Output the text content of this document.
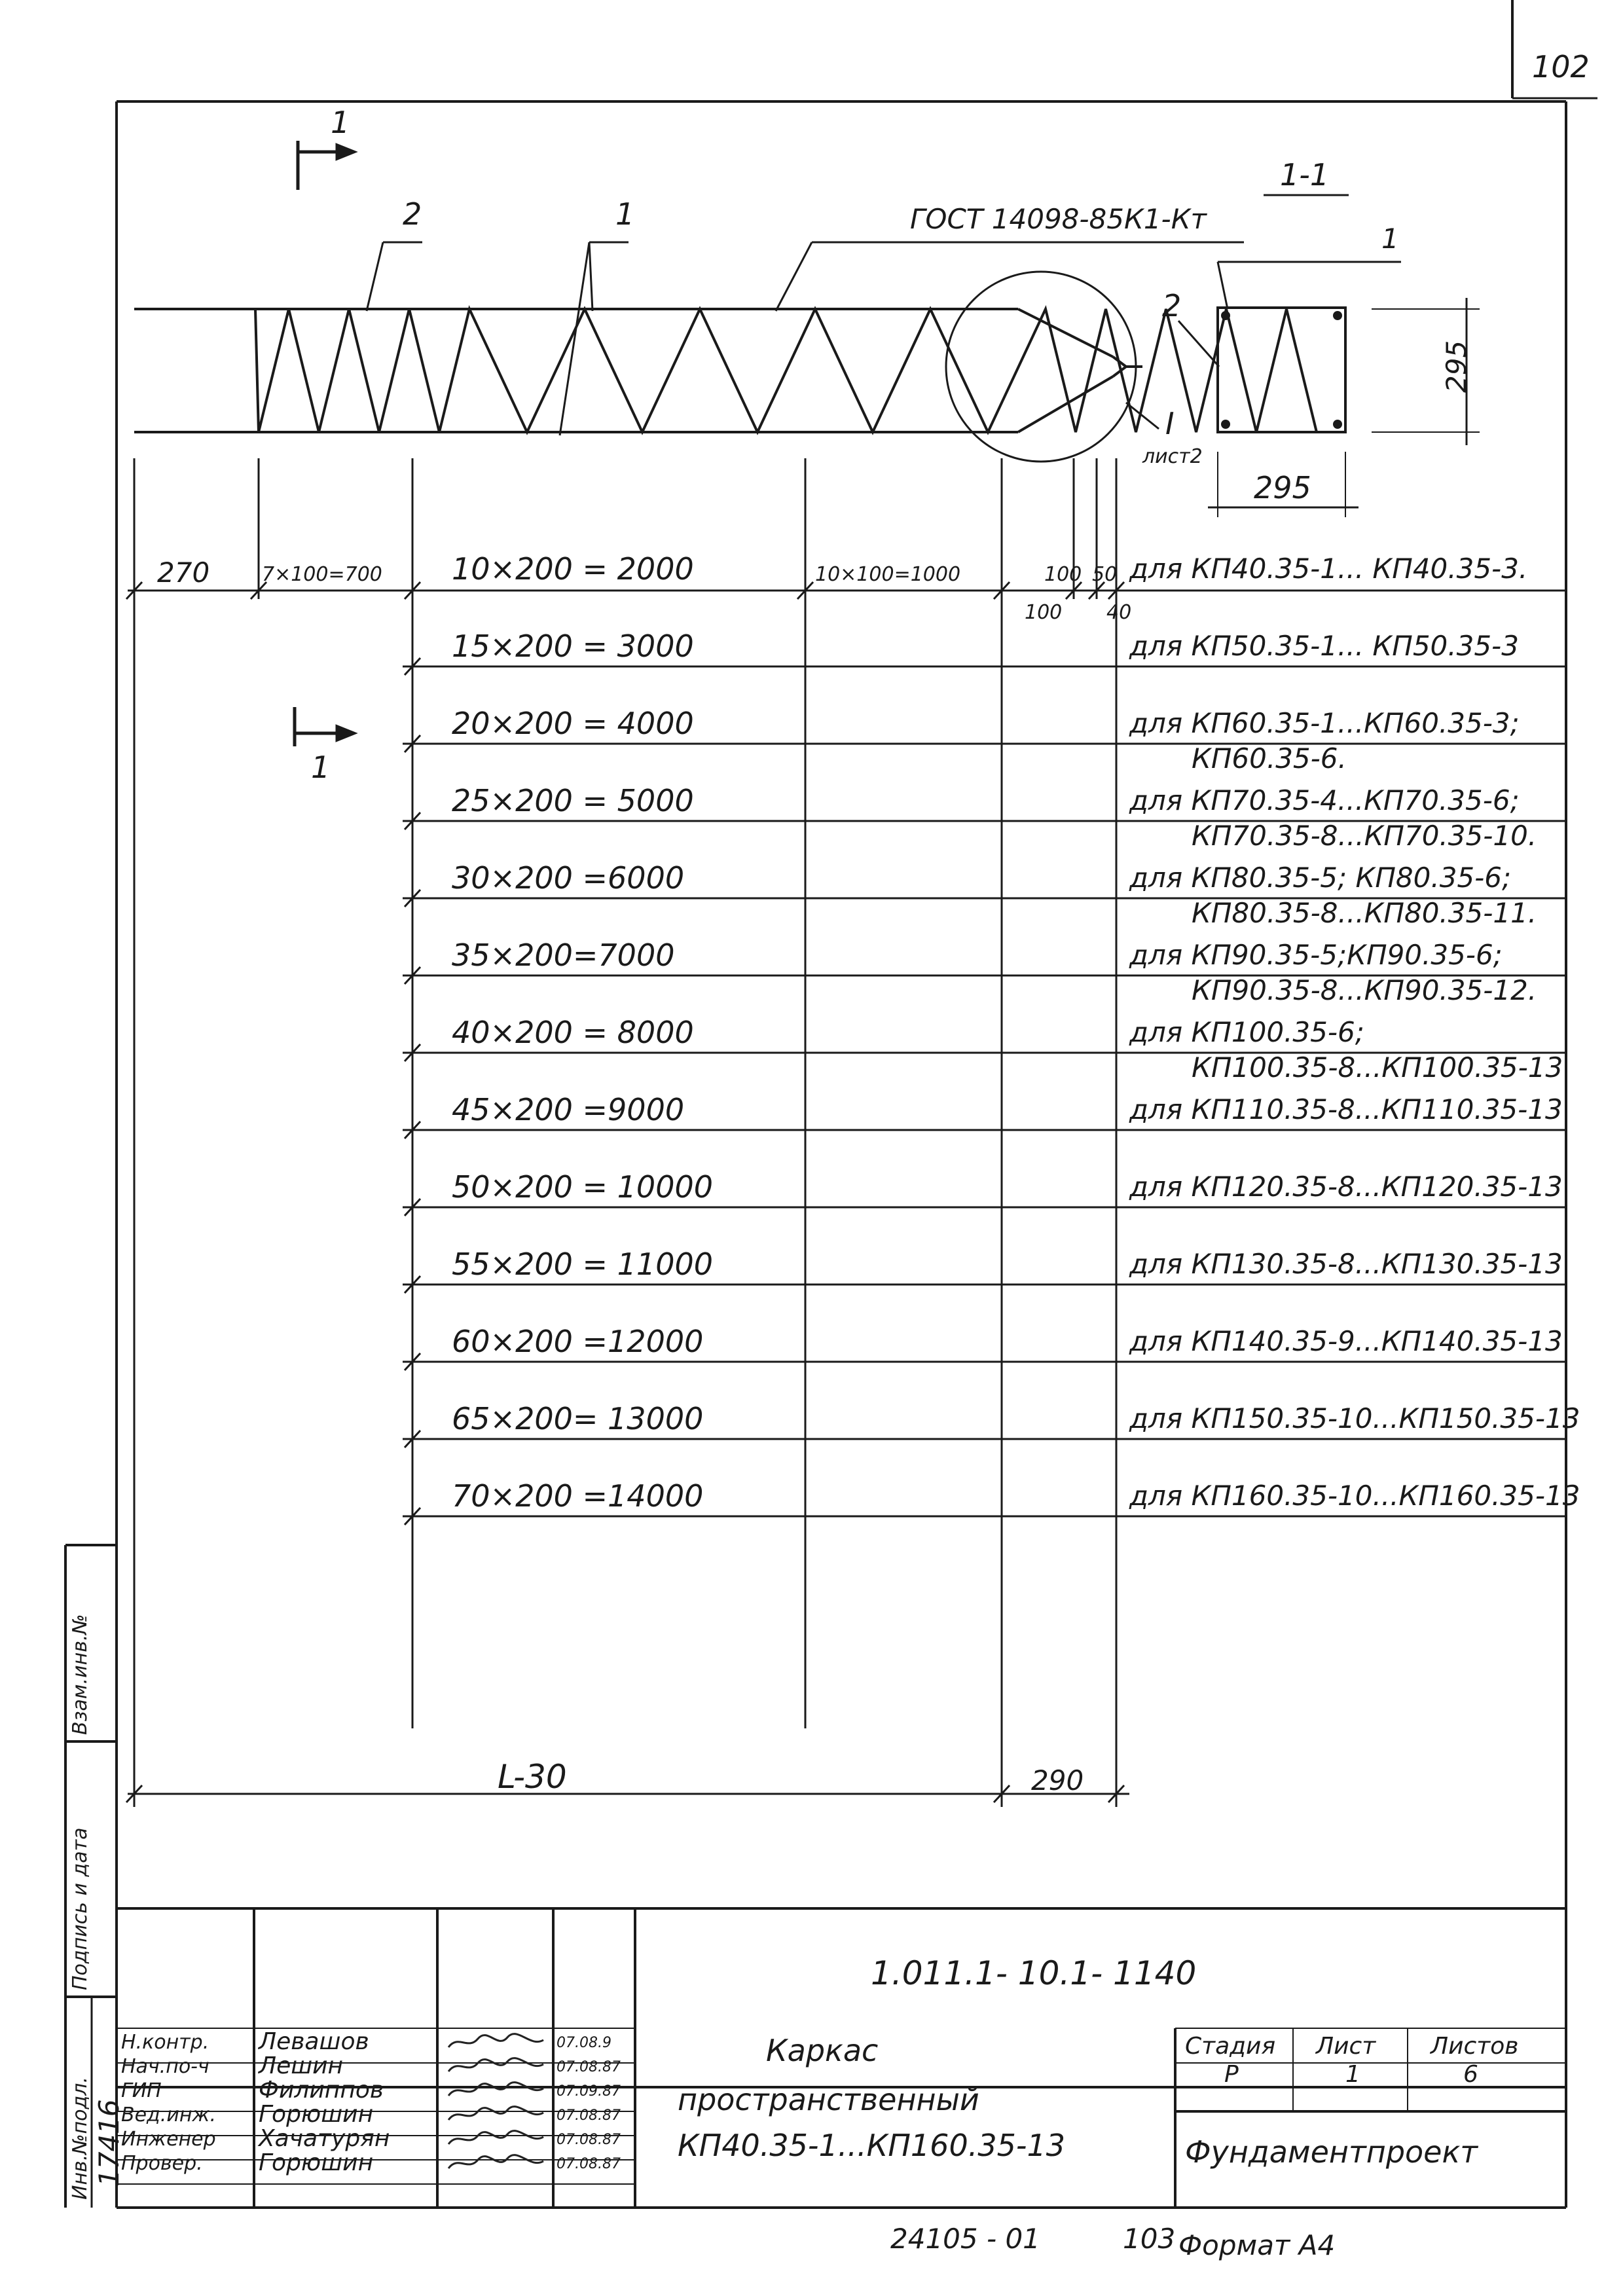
102
1
1
2	1	ГОСТ 14098-85К1-Кт
1-1
1
2
I
лист2
295
295
270	7×100=700	10×100=1000	100 50
100 40
10×200 = 2000	для КП40.35-1... КП40.35-3.
15×200 = 3000	для КП50.35-1... КП50.35-3
20×200 = 4000	для КП60.35-1...КП60.35-3;
КП60.35-6.
25×200 = 5000	для КП70.35-4...КП70.35-6;
КП70.35-8...КП70.35-10.
30×200 =6000	для КП80.35-5; КП80.35-6;
КП80.35-8...КП80.35-11.
35×200=7000	для КП90.35-5;КП90.35-6;
КП90.35-8...КП90.35-12.
40×200 = 8000	для КП100.35-6;
КП100.35-8...КП100.35-13
45×200 =9000	для КП110.35-8...КП110.35-13
50×200 = 10000	для КП120.35-8...КП120.35-13
55×200 = 11000	для КП130.35-8...КП130.35-13
60×200 =12000	для КП140.35-9...КП140.35-13
65×200= 13000	для КП150.35-10...КП150.35-13
70×200 =14000	для КП160.35-10...КП160.35-13
L-30	290
Инв.№подл.
Подпись и дата
Взам.инв.№
17416
1.011.1- 10.1- 1140
Каркас
пространственный
КП40.35-1...КП160.35-13
Н.контр. Левашов	07.08.9
Нач.по-ч Лешин	07.08.87
ГИП	Филиппов	07.09.87
Вед.инж. Горюшин	07.08.87
Инженер Хачатурян	07.08.87
Провер. Горюшин	07.08.87
Стадия Лист Листов
Р	1	6
Фундаментпроект
24105 - 01	103 Формат А4
